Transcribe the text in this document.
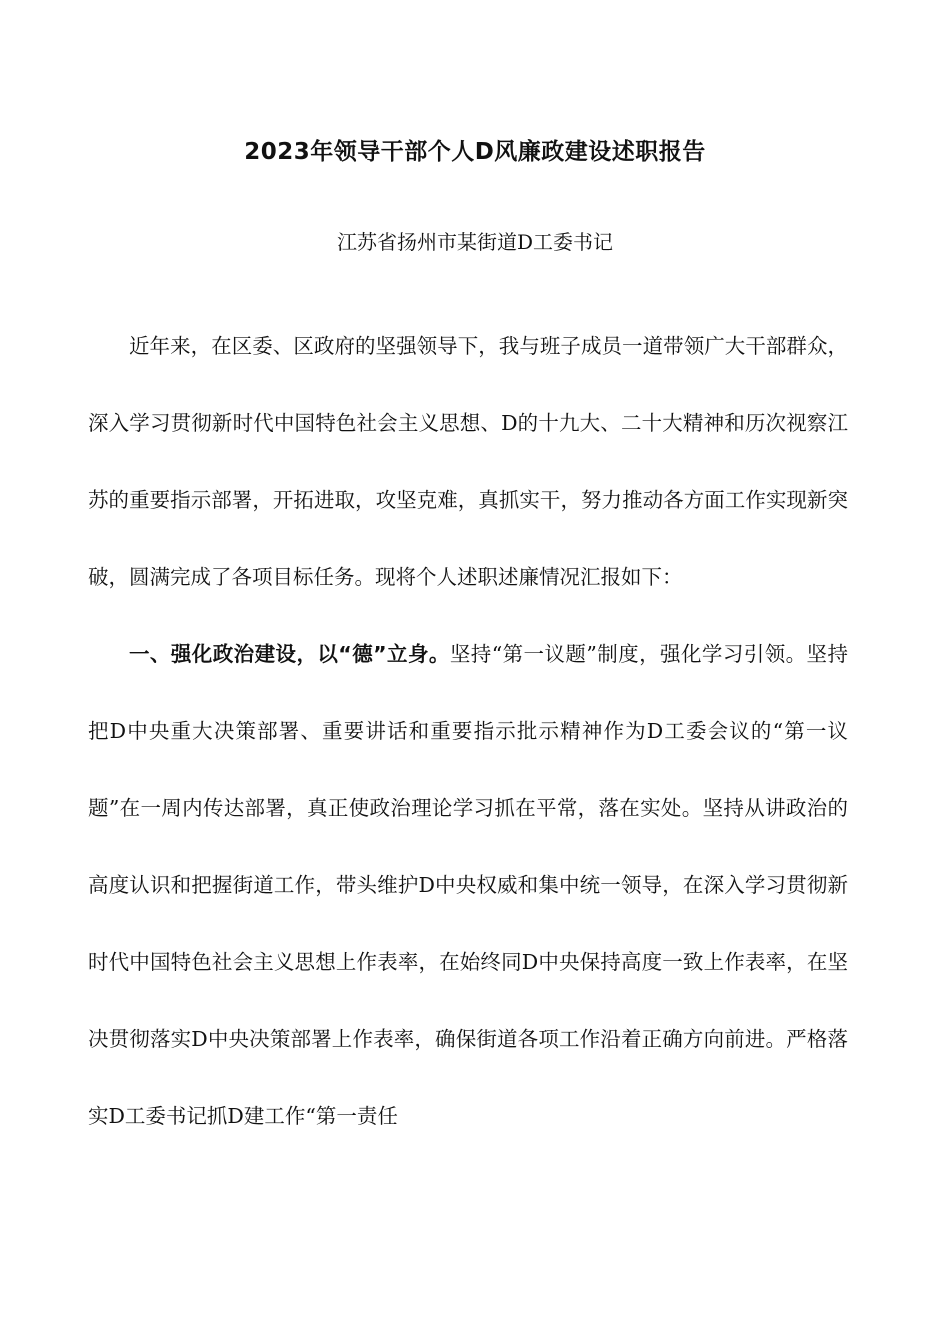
2023年领导干部个人D风廉政建设述职报告
江苏省扬州市某街道D工委书记

近年来，在区委、区政府的坚强领导下，我与班子成员一道带领广大干部群众，深入学习贯彻新时代中国特色社会主义思想、D的十九大、二十大精神和历次视察江苏的重要指示部署，开拓进取，攻坚克难，真抓实干，努力推动各方面工作实现新突破，圆满完成了各项目标任务。现将个人述职述廉情况汇报如下：

一、强化政治建设，以“德”立身。坚持“第一议题”制度，强化学习引领。坚持把D中央重大决策部署、重要讲话和重要指示批示精神作为D工委会议的“第一议题”在一周内传达部署，真正使政治理论学习抓在平常，落在实处。坚持从讲政治的高度认识和把握街道工作，带头维护D中央权威和集中统一领导，在深入学习贯彻新时代中国特色社会主义思想上作表率，在始终同D中央保持高度一致上作表率，在坚决贯彻落实D中央决策部署上作表率，确保街道各项工作沿着正确方向前进。严格落实D工委书记抓D建工作“第一责任
